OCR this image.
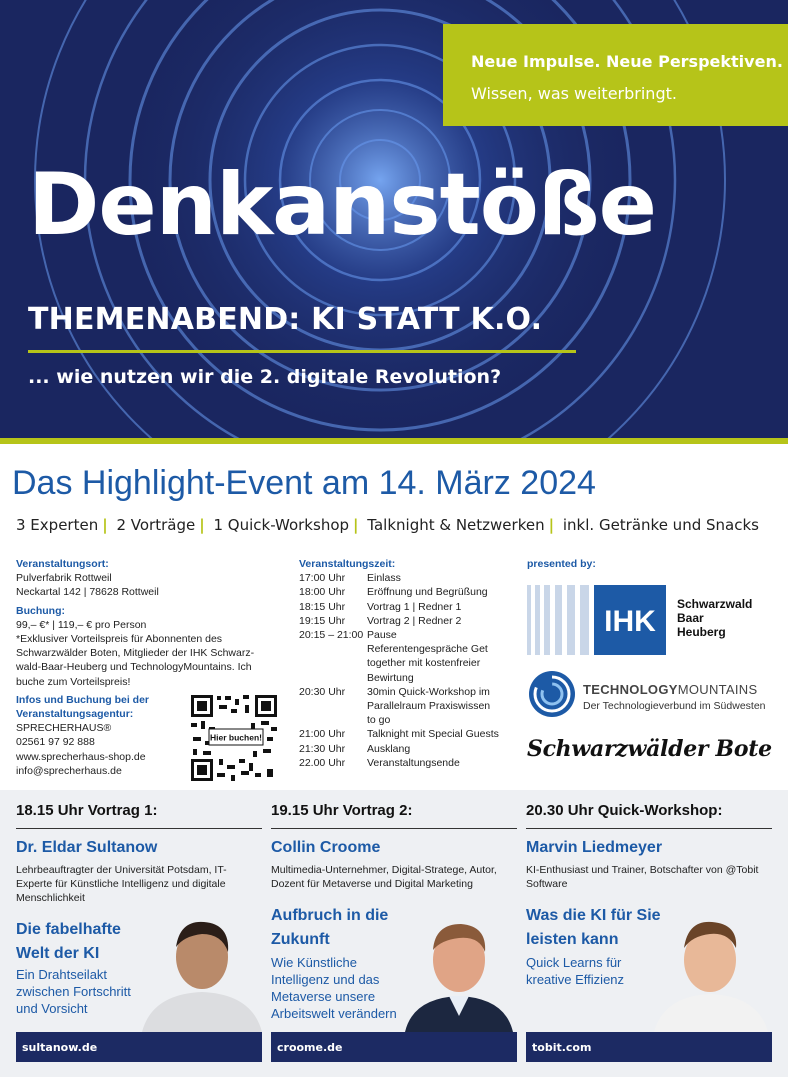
Neue Impulse. Neue Perspektiven.
Wissen, was weiterbringt.
Denkanstöße
THEMENABEND: KI STATT K.O.
... wie nutzen wir die 2. digitale Revolution?
Das Highlight-Event am 14. März 2024
3 Experten | 2 Vorträge | 1 Quick-Workshop | Talknight & Netzwerken | inkl. Getränke und Snacks
Veranstaltungsort:
Pulverfabrik Rottweil
Neckartal 142 | 78628 Rottweil
Buchung:
99,– €* | 119,– € pro Person
*Exklusiver Vorteilspreis für Abonnenten des Schwarzwälder Boten, Mitglieder der IHK Schwarz-wald-Baar-Heuberg und TechnologyMountains. Ich buche zum Vorteilspreis!
Infos und Buchung bei der Veranstaltungsagentur:
SPRECHERHAUS®
02561 97 92 888
www.sprecherhaus-shop.de
info@sprecherhaus.de
Hier buchen!
Veranstaltungszeit:
17:00 Uhr	Einlass
18:00 Uhr	Eröffnung und Begrüßung
18:15 Uhr	Vortrag 1 | Redner 1
19:15 Uhr	Vortrag 2 | Redner 2
20:15 – 21:00 Pause Referentengespräche Get together mit kostenfreier Bewirtung
20:30 Uhr	30min Quick-Workshop im Parallelraum Praxiswissen to go
21:00 Uhr	Talknight mit Special Guests
21:30 Uhr	Ausklang
22.00 Uhr	Veranstaltungsende
presented by:
IHK
Schwarzwald
Baar
Heuberg
TECHNOLOGYMOUNTAINS
Der Technologieverbund im Südwesten
Schwarzwälder Bote
18.15 Uhr Vortrag 1:
Dr. Eldar Sultanow
Lehrbeauftragter der Universität Potsdam, IT-Experte für Künstliche Intelligenz und digitale Menschlichkeit
Die fabelhafte Welt der KI
Ein Drahtseilakt zwischen Fortschritt und Vorsicht
sultanow.de
19.15 Uhr Vortrag 2:
Collin Croome
Multimedia-Unternehmer, Digital-Stratege, Autor, Dozent für Metaverse und Digital Marketing
Aufbruch in die Zukunft
Wie Künstliche Intelligenz und das Metaverse unsere Arbeitswelt verändern
croome.de
20.30 Uhr Quick-Workshop:
Marvin Liedmeyer
KI-Enthusiast und Trainer, Botschafter von @Tobit Software
Was die KI für Sie leisten kann
Quick Learns für kreative Effizienz
tobit.com
